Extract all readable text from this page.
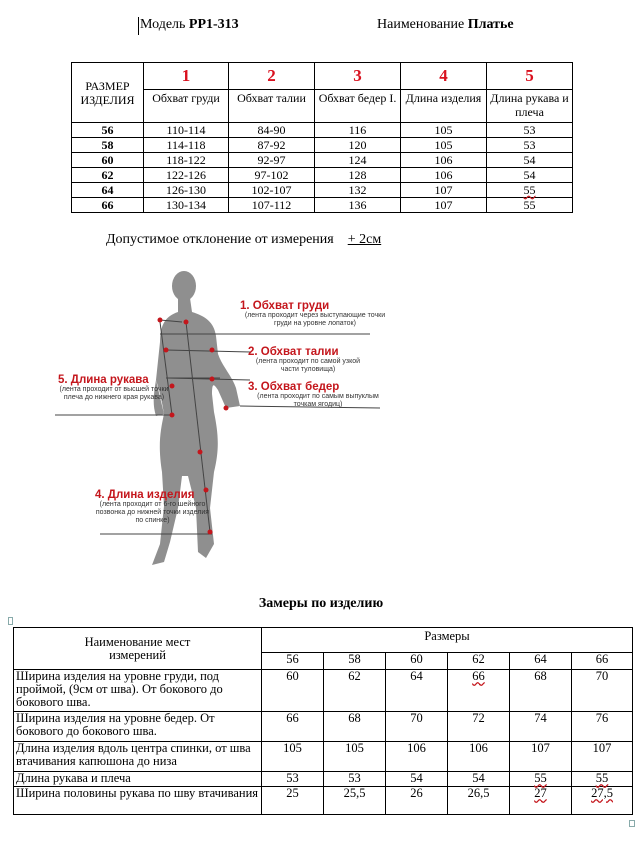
Модель РР1-313	Наименование Платье
РАЗМЕР ИЗДЕЛИЯ	1	2	3	4	5
	Обхват груди	Обхват талии	Обхват бедер I.	Длина изделия	Длина рукава и плеча
56	110-114	84-90	116	105	53
58	114-118	87-92	120	105	53
60	118-122	92-97	124	106	54
62	122-126	97-102	128	106	54
64	126-130	102-107	132	107	55
66	130-134	107-112	136	107	55
Допустимое отклонение от измерения + 2см
1. Обхват груди
(лента проходит через выступающие точки груди на уровне лопаток)
2. Обхват талии
(лента проходит по самой узкой части туловища)
3. Обхват бедер
(лента проходит по самым выпуклым точкам ягодиц)
5. Длина рукава
(лента проходит от высшей точки плеча до нижнего края рукава)
4. Длина изделия
(лента проходит от 6-го шейного позвонка до нижней точки изделия по спинке)
Замеры по изделию
Наименование мест измерений	Размеры					
	56	58	60	62	64	66
Ширина изделия на уровне груди, под проймой, (9см от шва). От бокового до бокового шва.	60	62	64	66	68	70
Ширина изделия на уровне бедер. От бокового до бокового шва.	66	68	70	72	74	76
Длина изделия вдоль центра спинки, от шва втачивания капюшона до низа	105	105	106	106	107	107
Длина рукава и плеча	53	53	54	54	55	55
Ширина половины рукава по шву втачивания	25	25,5	26	26,5	27	27,5
